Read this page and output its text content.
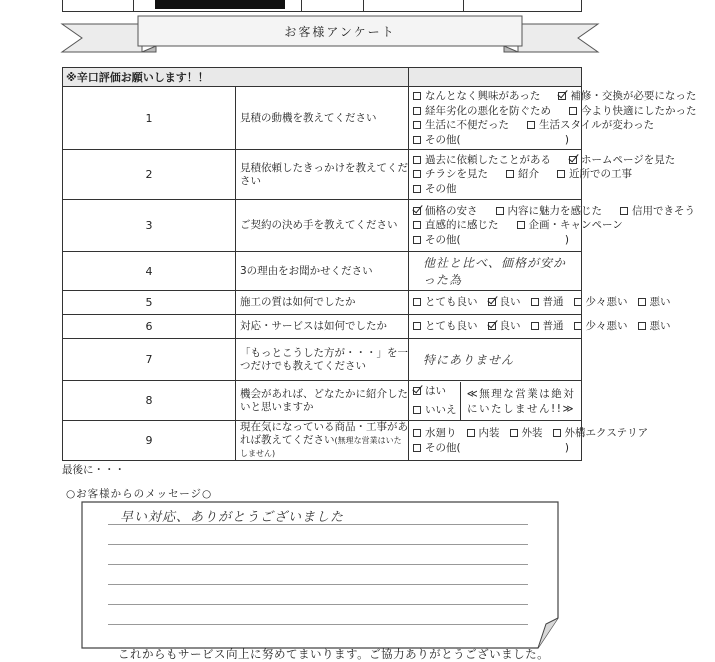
お客様アンケート
※辛口評価お願いします！！		
1	見積の動機を教えてください	なんとなく興味があった 補修・交換が必要になった
経年劣化の悪化を防ぐため 今より快適にしたかった
生活に不便だった 生活スタイルが変わった
その他( )

2	見積依頼したきっかけを教えてください	過去に依頼したことがある ホームページを見た
チラシを見た 紹介 近所での工事
その他

3	ご契約の決め手を教えてください	価格の安さ 内容に魅力を感じた 信用できそう
直感的に感じた 企画・キャンペーン
その他( )

4	3の理由をお聞かせください	他社と比べ、価格が安かった為

5	施工の質は如何でしたか	とても良い 良い 普通 少々悪い 悪い

6	対応・サービスは如何でしたか	とても良い 良い 普通 少々悪い 悪い

7	「もっとこうした方が・・・」を一つだけでも教えてください	特にありません

8	機会があれば、どなたかに紹介したいと思いますか	はい
いいえ
≪無理な営業は絶対にいたしません!!≫

9	現在気になっている商品・工事があれば教えてください(無理な営業はいたしません)	水廻り 内装 外装 外構エクステリア
その他( )
最後に・・・
○お客様からのメッセージ○
早い対応、ありがとうございました
これからもサービス向上に努めてまいります。ご協力ありがとうございました。
